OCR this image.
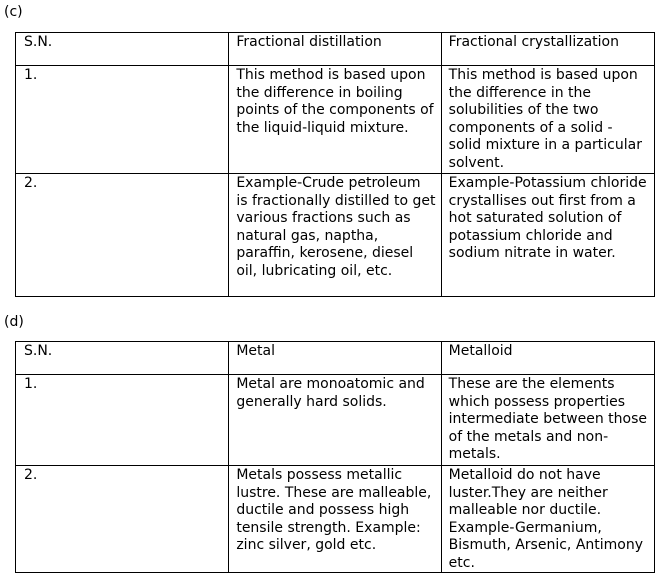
(c)
S.N.	Fractional distillation	Fractional crystallization
1.	This method is based upon the difference in boiling points of the components of the liquid-liquid mixture.	This method is based upon the difference in the solubilities of the two components of a solid - solid mixture in a particular solvent.
2.	Example-Crude petroleum is fractionally distilled to get various fractions such as natural gas, naptha, paraffin, kerosene, diesel oil, lubricating oil, etc.	Example-Potassium chloride crystallises out first from a hot saturated solution of potassium chloride and sodium nitrate in water.
(d)
S.N.	Metal	Metalloid
1.	Metal are monoatomic and generally hard solids.	These are the elements which possess properties intermediate between those of the metals and non-metals.
2.	Metals possess metallic lustre. These are malleable, ductile and possess high tensile strength. Example: zinc silver, gold etc.	Metalloid do not have luster.They are neither malleable nor ductile. Example-Germanium, Bismuth, Arsenic, Antimony etc.
